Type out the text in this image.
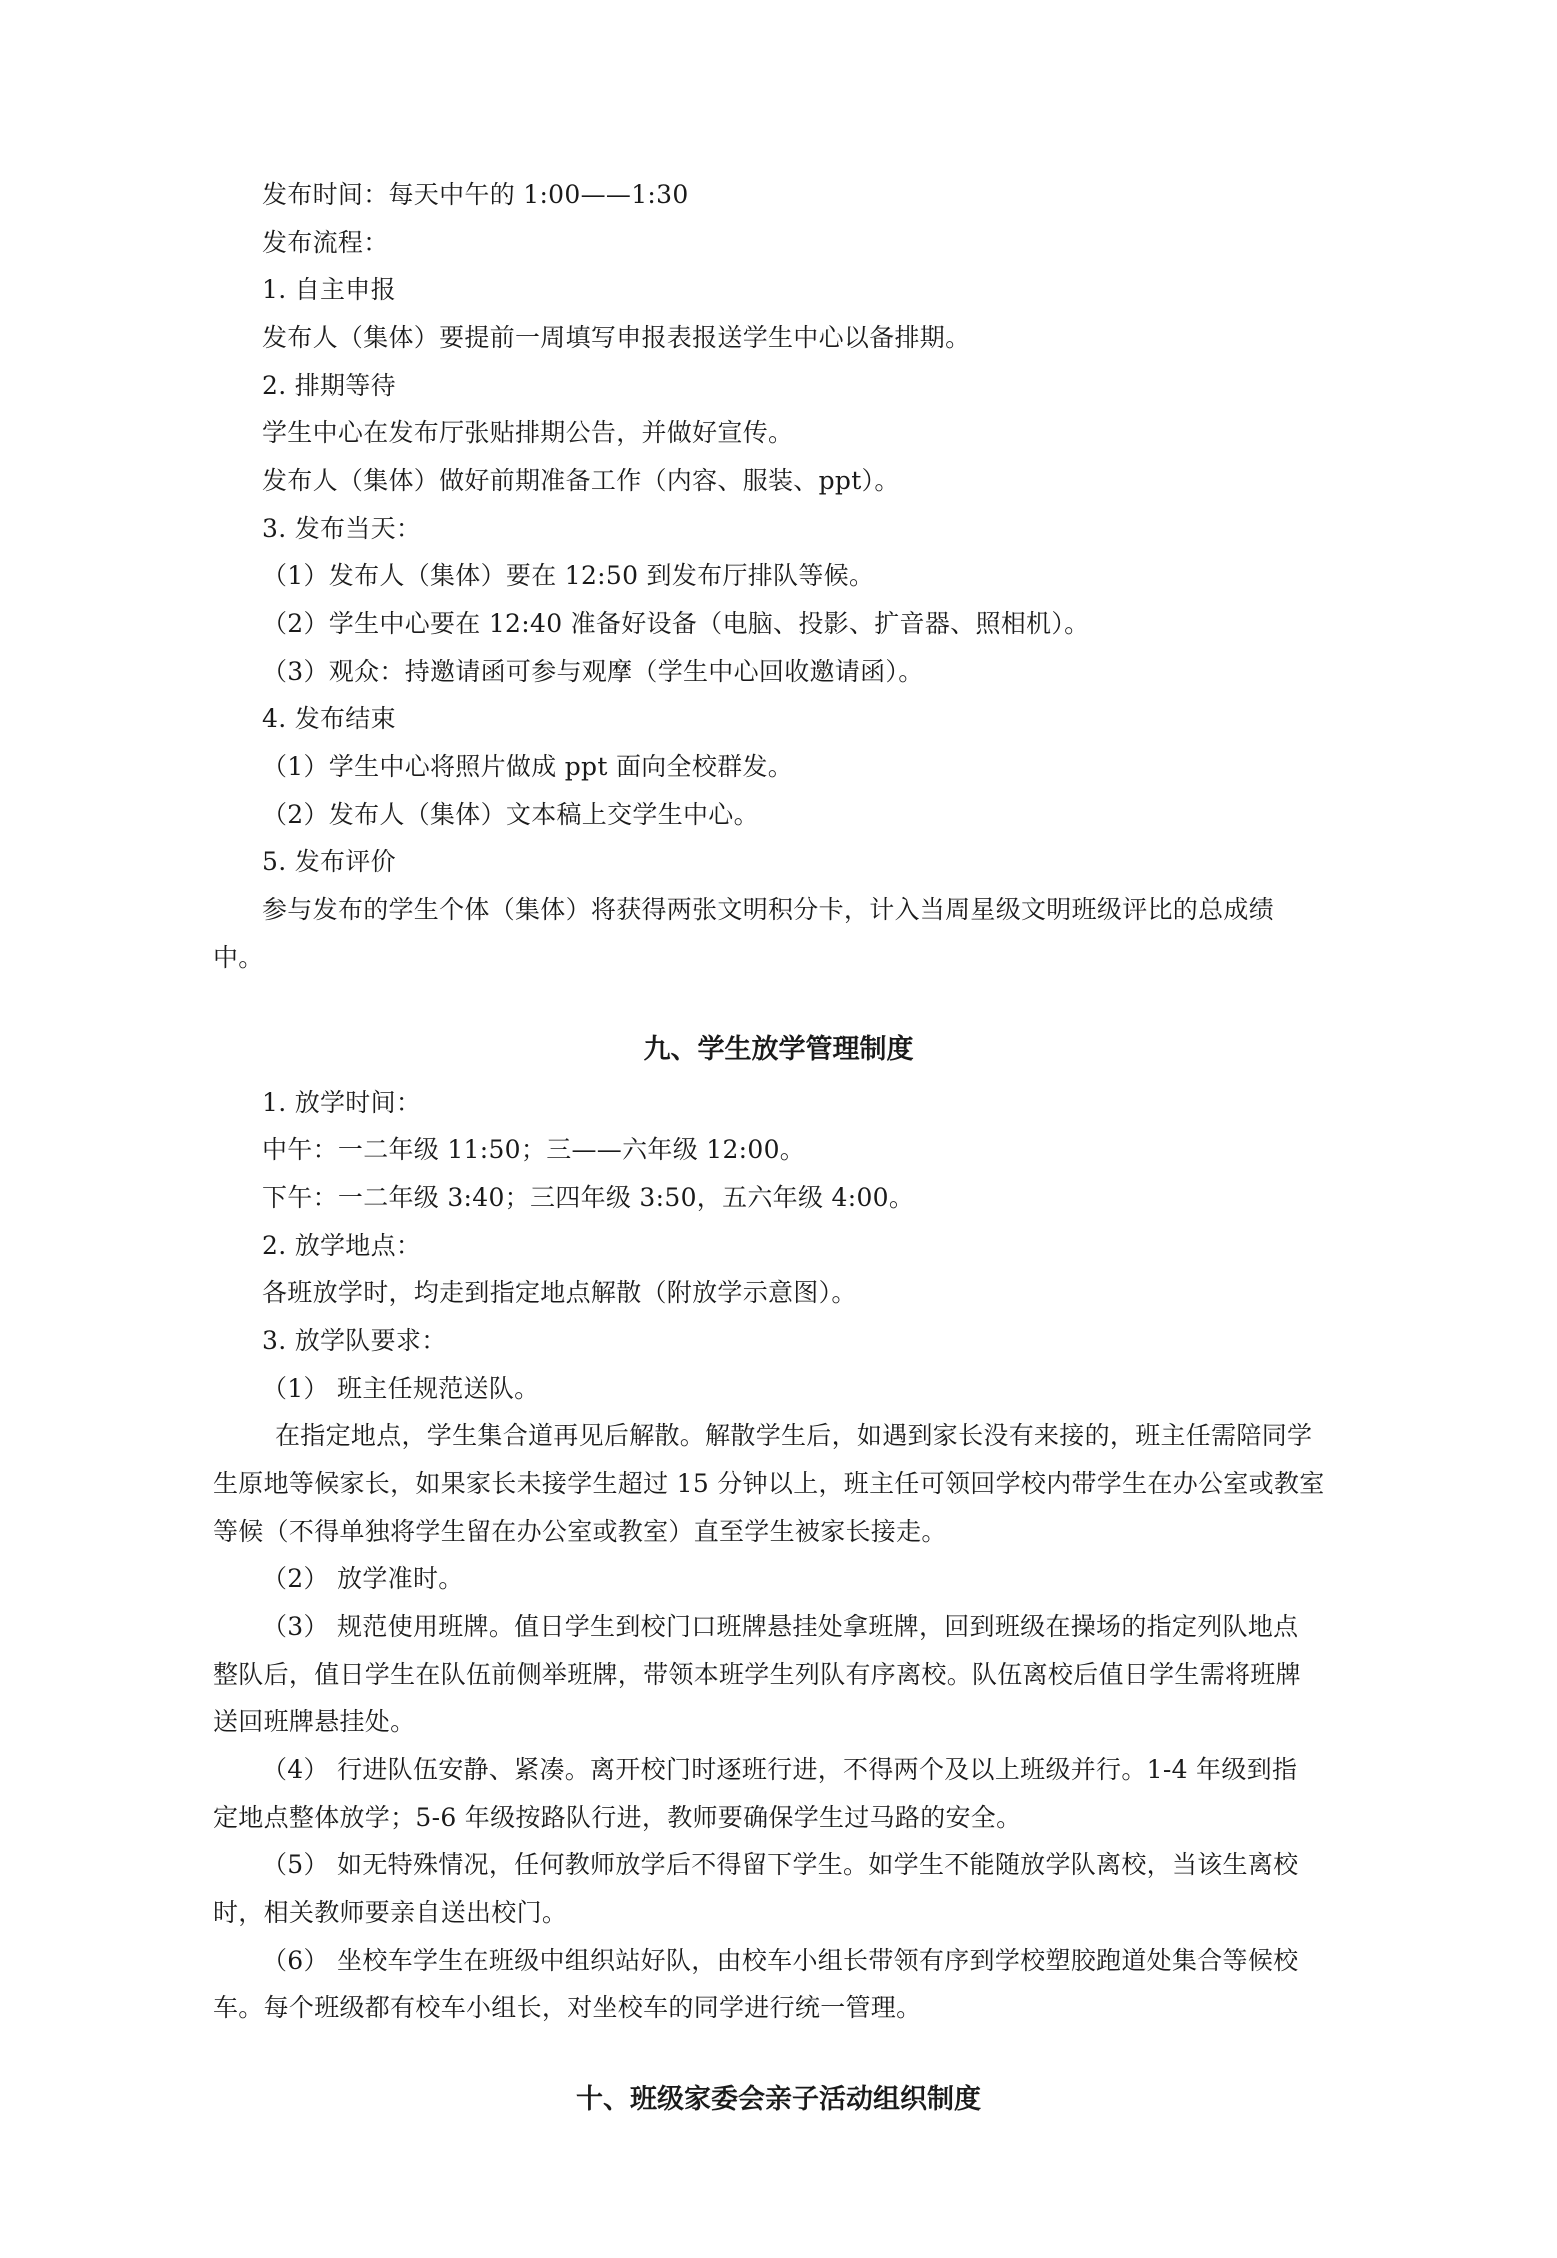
发布时间：每天中午的 1:00——1:30
发布流程：
1. 自主申报
发布人（集体）要提前一周填写申报表报送学生中心以备排期。
2. 排期等待
学生中心在发布厅张贴排期公告，并做好宣传。
发布人（集体）做好前期准备工作（内容、服装、ppt）。
3. 发布当天：
（1）发布人（集体）要在 12:50 到发布厅排队等候。
（2）学生中心要在 12:40 准备好设备（电脑、投影、扩音器、照相机）。
（3）观众：持邀请函可参与观摩（学生中心回收邀请函）。
4. 发布结束
（1）学生中心将照片做成 ppt 面向全校群发。
（2）发布人（集体）文本稿上交学生中心。
5. 发布评价
参与发布的学生个体（集体）将获得两张文明积分卡，计入当周星级文明班级评比的总成绩
中。
九、学生放学管理制度
1. 放学时间：
中午：一二年级 11:50；三——六年级 12:00。
下午：一二年级 3:40；三四年级 3:50，五六年级 4:00。
2. 放学地点：
各班放学时，均走到指定地点解散（附放学示意图）。
3. 放学队要求：
（1） 班主任规范送队。
在指定地点，学生集合道再见后解散。解散学生后，如遇到家长没有来接的，班主任需陪同学
生原地等候家长，如果家长未接学生超过 15 分钟以上，班主任可领回学校内带学生在办公室或教室
等候（不得单独将学生留在办公室或教室）直至学生被家长接走。
（2） 放学准时。
（3） 规范使用班牌。值日学生到校门口班牌悬挂处拿班牌，回到班级在操场的指定列队地点
整队后，值日学生在队伍前侧举班牌，带领本班学生列队有序离校。队伍离校后值日学生需将班牌
送回班牌悬挂处。
（4） 行进队伍安静、紧凑。离开校门时逐班行进，不得两个及以上班级并行。1-4 年级到指
定地点整体放学；5-6 年级按路队行进，教师要确保学生过马路的安全。
（5） 如无特殊情况，任何教师放学后不得留下学生。如学生不能随放学队离校，当该生离校
时，相关教师要亲自送出校门。
（6） 坐校车学生在班级中组织站好队，由校车小组长带领有序到学校塑胶跑道处集合等候校
车。每个班级都有校车小组长，对坐校车的同学进行统一管理。
十、班级家委会亲子活动组织制度
